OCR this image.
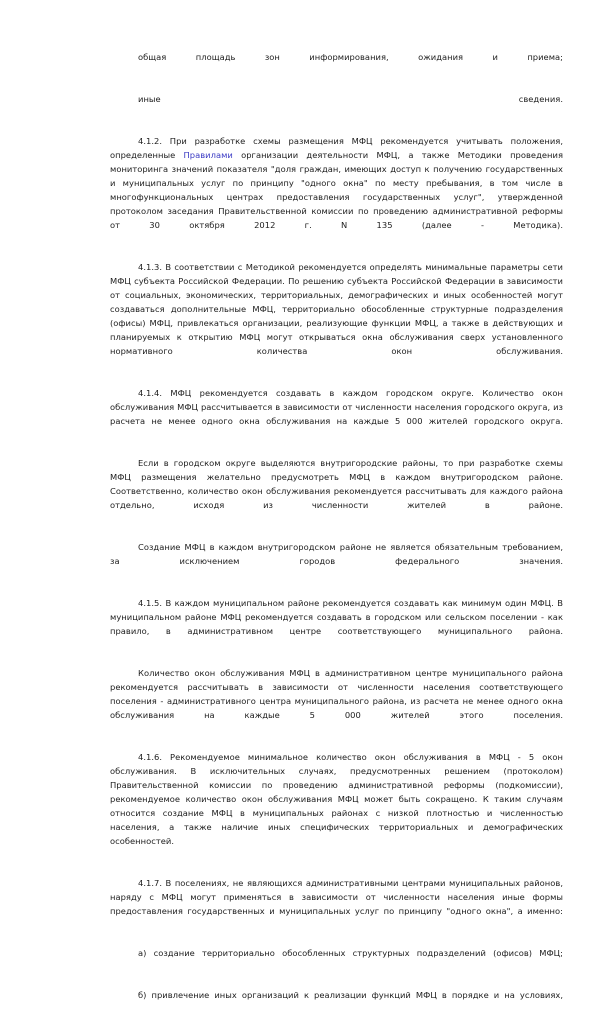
общая площадь зон информирования, ожидания и приема;

иные сведения.

4.1.2. При разработке схемы размещения МФЦ рекомендуется учитывать положения, определенные Правилами организации деятельности МФЦ, а также Методики проведения мониторинга значений показателя "доля граждан, имеющих доступ к получению государственных и муниципальных услуг по принципу "одного окна" по месту пребывания, в том числе в многофункциональных центрах предоставления государственных услуг", утвержденной протоколом заседания Правительственной комиссии по проведению административной реформы от 30 октября 2012 г. N 135 (далее - Методика).

4.1.3. В соответствии с Методикой рекомендуется определять минимальные параметры сети МФЦ субъекта Российской Федерации. По решению субъекта Российской Федерации в зависимости от социальных, экономических, территориальных, демографических и иных особенностей могут создаваться дополнительные МФЦ, территориально обособленные структурные подразделения (офисы) МФЦ, привлекаться организации, реализующие функции МФЦ, а также в действующих и планируемых к открытию МФЦ могут открываться окна обслуживания сверх установленного нормативного количества окон обслуживания.

4.1.4. МФЦ рекомендуется создавать в каждом городском округе. Количество окон обслуживания МФЦ рассчитывается в зависимости от численности населения городского округа, из расчета не менее одного окна обслуживания на каждые 5 000 жителей городского округа.

Если в городском округе выделяются внутригородские районы, то при разработке схемы МФЦ размещения желательно предусмотреть МФЦ в каждом внутригородском районе. Соответственно, количество окон обслуживания рекомендуется рассчитывать для каждого района отдельно, исходя из численности жителей в районе.

Создание МФЦ в каждом внутригородском районе не является обязательным требованием, за исключением городов федерального значения.

4.1.5. В каждом муниципальном районе рекомендуется создавать как минимум один МФЦ. В муниципальном районе МФЦ рекомендуется создавать в городском или сельском поселении - как правило, в административном центре соответствующего муниципального района.

Количество окон обслуживания МФЦ в административном центре муниципального района рекомендуется рассчитывать в зависимости от численности населения соответствующего поселения - административного центра муниципального района, из расчета не менее одного окна обслуживания на каждые 5 000 жителей этого поселения.

4.1.6. Рекомендуемое минимальное количество окон обслуживания в МФЦ - 5 окон обслуживания. В исключительных случаях, предусмотренных решением (протоколом) Правительственной комиссии по проведению административной реформы (подкомиссии), рекомендуемое количество окон обслуживания МФЦ может быть сокращено. К таким случаям относится создание МФЦ в муниципальных районах с низкой плотностью и численностью населения, а также наличие иных специфических территориальных и демографических особенностей.

4.1.7. В поселениях, не являющихся административными центрами муниципальных районов, наряду с МФЦ могут применяться в зависимости от численности населения иные формы предоставления государственных и муниципальных услуг по принципу "одного окна", а именно:

а) создание территориально обособленных структурных подразделений (офисов) МФЦ;

б) привлечение иных организаций к реализации функций МФЦ в порядке и на условиях,
